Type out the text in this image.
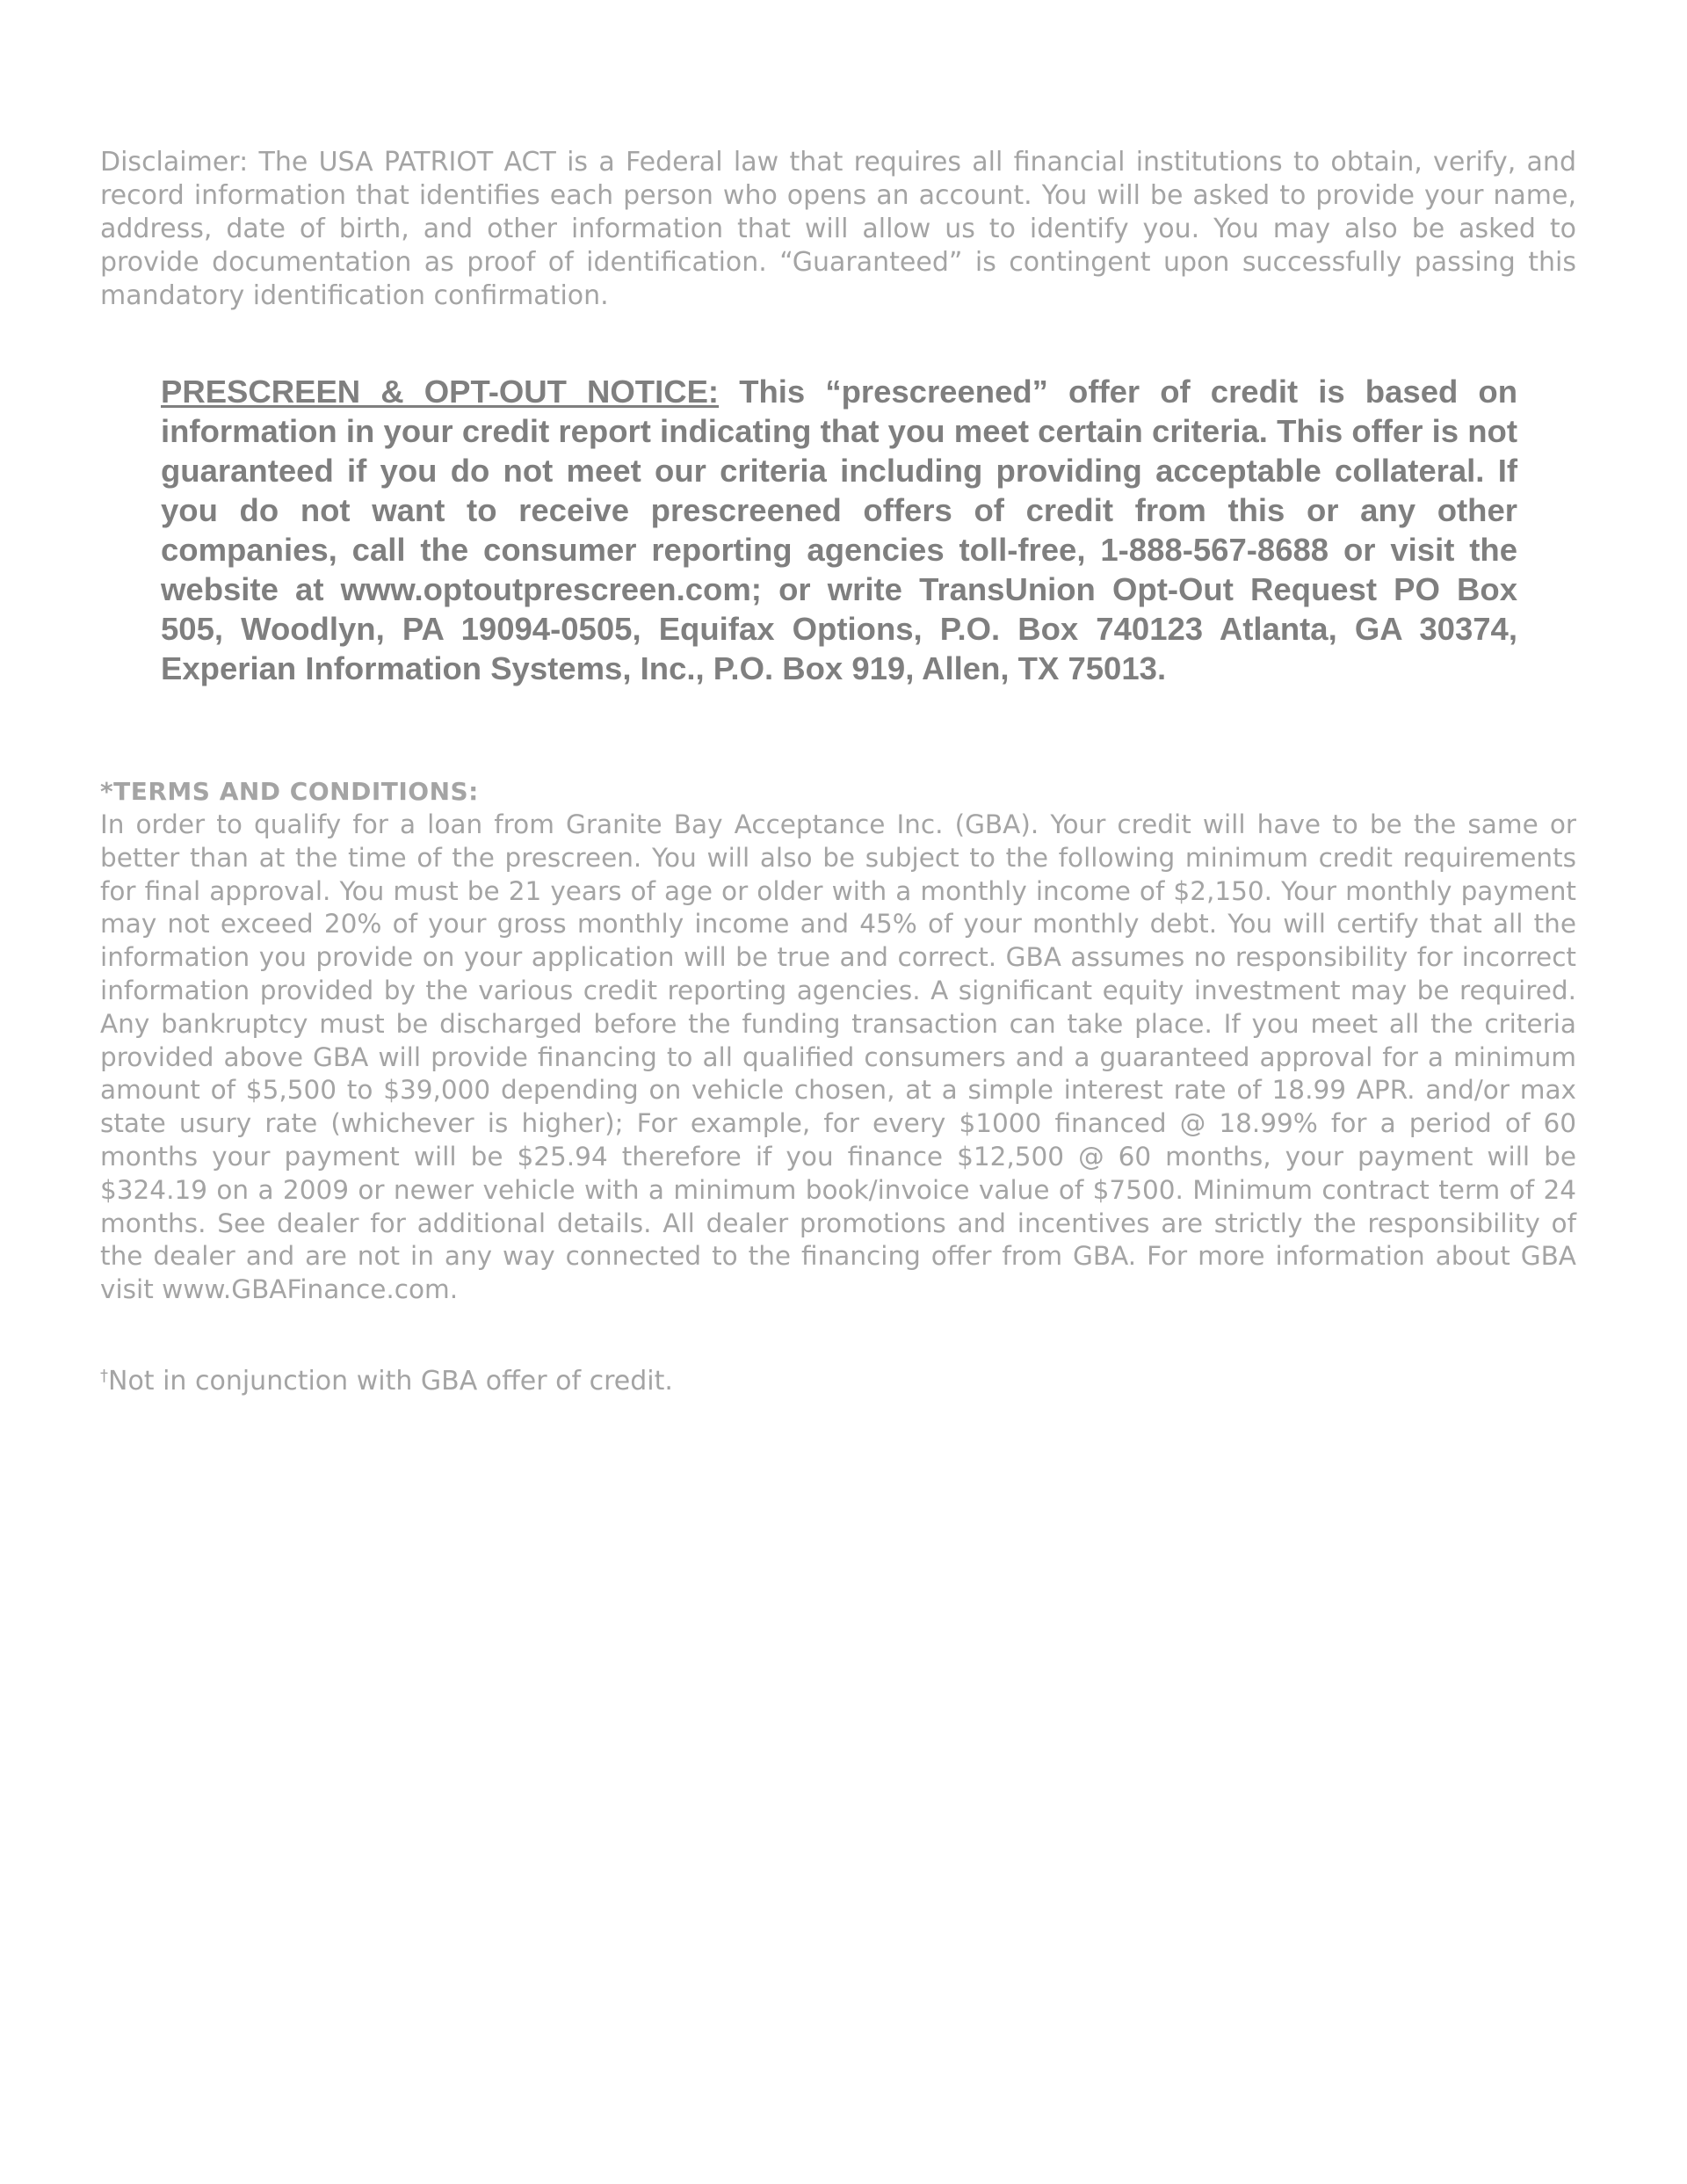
Disclaimer: The USA PATRIOT ACT is a Federal law that requires all financial institutions to obtain, verify, and record information that identifies each person who opens an account. You will be asked to provide your name, address, date of birth, and other information that will allow us to identify you. You may also be asked to provide documentation as proof of identification. “Guaranteed” is contingent upon successfully passing this mandatory identification confirmation.

PRESCREEN & OPT-OUT NOTICE: This “prescreened” offer of credit is based on information in your credit report indicating that you meet certain criteria. This offer is not guaranteed if you do not meet our criteria including providing acceptable collateral. If you do not want to receive prescreened offers of credit from this or any other companies, call the consumer reporting agencies toll-free, 1-888-567-8688 or visit the website at www.optoutprescreen.com; or write TransUnion Opt-Out Request PO Box 505, Woodlyn, PA 19094-0505, Equifax Options, P.O. Box 740123 Atlanta, GA 30374, Experian Information Systems, Inc., P.O. Box 919, Allen, TX 75013.

*TERMS AND CONDITIONS:

In order to qualify for a loan from Granite Bay Acceptance Inc. (GBA). Your credit will have to be the same or better than at the time of the prescreen. You will also be subject to the following minimum credit requirements for final approval. You must be 21 years of age or older with a monthly income of $2,150. Your monthly payment may not exceed 20% of your gross monthly income and 45% of your monthly debt. You will certify that all the information you provide on your application will be true and correct. GBA assumes no responsibility for incorrect information provided by the various credit reporting agencies. A significant equity investment may be required. Any bankruptcy must be discharged before the funding transaction can take place. If you meet all the criteria provided above GBA will provide financing to all qualified consumers and a guaranteed approval for a minimum amount of $5,500 to $39,000 depending on vehicle chosen, at a simple interest rate of 18.99 APR. and/or max state usury rate (whichever is higher); For example, for every $1000 financed @ 18.99% for a period of 60 months your payment will be $25.94 therefore if you finance $12,500 @ 60 months, your payment will be $324.19 on a 2009 or newer vehicle with a minimum book/invoice value of $7500. Minimum contract term of 24 months. See dealer for additional details. All dealer promotions and incentives are strictly the responsibility of the dealer and are not in any way connected to the financing offer from GBA. For more information about GBA visit www.GBAFinance.com.

†Not in conjunction with GBA offer of credit.
